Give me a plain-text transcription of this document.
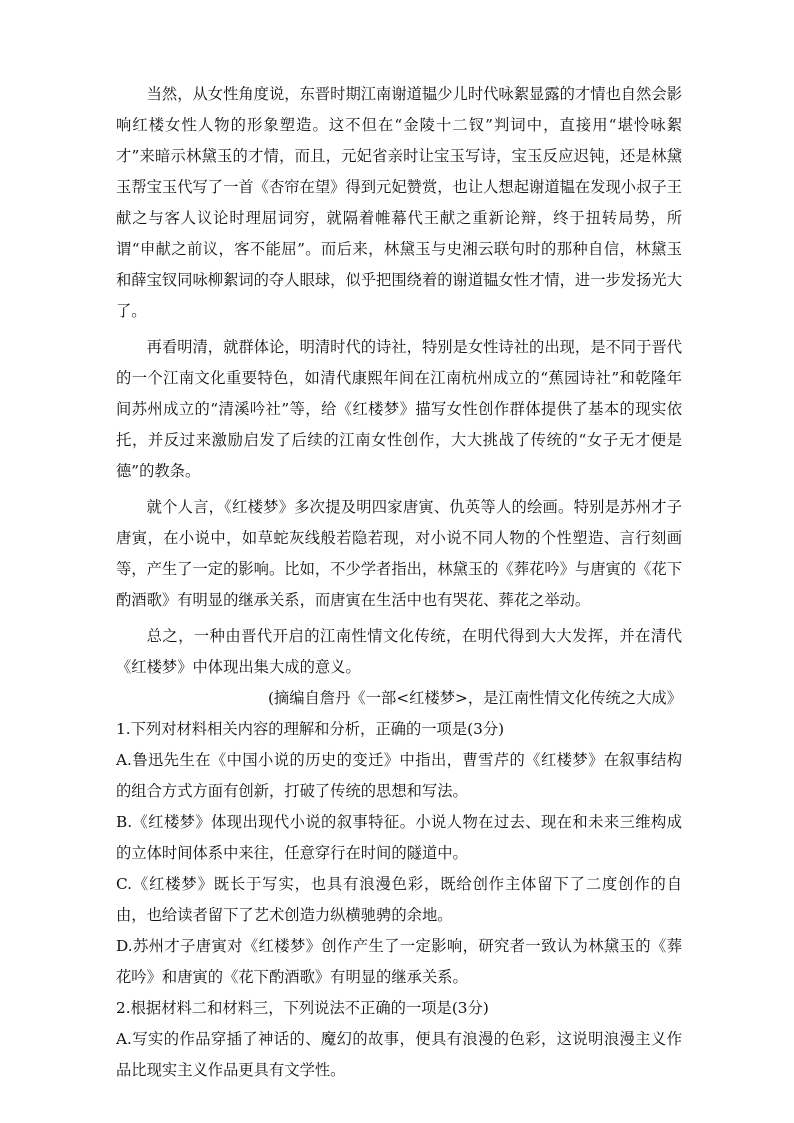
当然，从女性角度说，东晋时期江南谢道韫少儿时代咏絮显露的才情也自然会影响红楼女性人物的形象塑造。这不但在“金陵十二钗”判词中，直接用“堪怜咏絮才”来暗示林黛玉的才情，而且，元妃省亲时让宝玉写诗，宝玉反应迟钝，还是林黛玉帮宝玉代写了一首《杏帘在望》得到元妃赞赏，也让人想起谢道韫在发现小叔子王献之与客人议论时理屈词穷，就隔着帷幕代王献之重新论辩，终于扭转局势，所谓“申献之前议，客不能屈”。而后来，林黛玉与史湘云联句时的那种自信，林黛玉和薛宝钗同咏柳絮词的夺人眼球，似乎把围绕着的谢道韫女性才情，进一步发扬光大了。

再看明清，就群体论，明清时代的诗社，特别是女性诗社的出现，是不同于晋代的一个江南文化重要特色，如清代康熙年间在江南杭州成立的“蕉园诗社”和乾隆年间苏州成立的“清溪吟社”等，给《红楼梦》描写女性创作群体提供了基本的现实依托，并反过来激励启发了后续的江南女性创作，大大挑战了传统的“女子无才便是德”的教条。

就个人言，《红楼梦》多次提及明四家唐寅、仇英等人的绘画。特别是苏州才子唐寅，在小说中，如草蛇灰线般若隐若现，对小说不同人物的个性塑造、言行刻画等，产生了一定的影响。比如，不少学者指出，林黛玉的《葬花吟》与唐寅的《花下酌酒歌》有明显的继承关系，而唐寅在生活中也有哭花、葬花之举动。

总之，一种由晋代开启的江南性情文化传统，在明代得到大大发挥，并在清代《红楼梦》中体现出集大成的意义。

(摘编自詹丹《一部<红楼梦>，是江南性情文化传统之大成》

1.下列对材料相关内容的理解和分析，正确的一项是(3分)

A.鲁迅先生在《中国小说的历史的变迁》中指出，曹雪芹的《红楼梦》在叙事结构的组合方式方面有创新，打破了传统的思想和写法。

B.《红楼梦》体现出现代小说的叙事特征。小说人物在过去、现在和未来三维构成的立体时间体系中来往，任意穿行在时间的隧道中。

C.《红楼梦》既长于写实，也具有浪漫色彩，既给创作主体留下了二度创作的自由，也给读者留下了艺术创造力纵横驰骋的余地。

D.苏州才子唐寅对《红楼梦》创作产生了一定影响，研究者一致认为林黛玉的《葬花吟》和唐寅的《花下酌酒歌》有明显的继承关系。

2.根据材料二和材料三，下列说法不正确的一项是(3分)

A.写实的作品穿插了神话的、魔幻的故事，便具有浪漫的色彩，这说明浪漫主义作品比现实主义作品更具有文学性。
